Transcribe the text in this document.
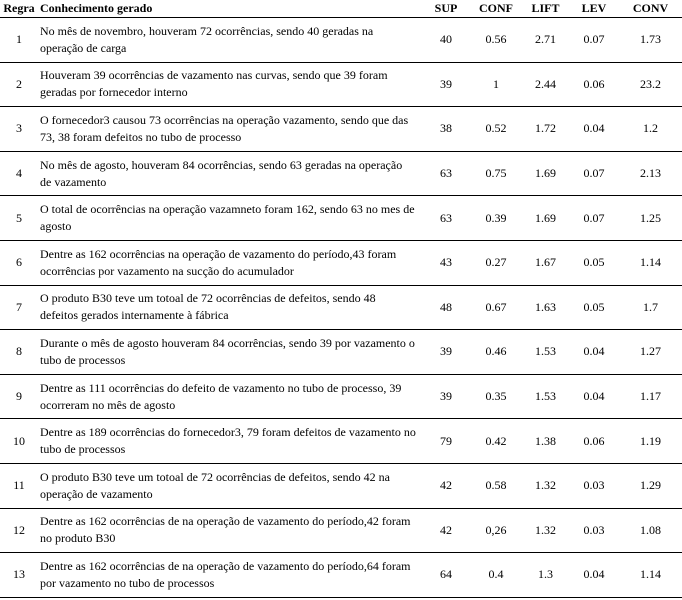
Regra	Conhecimento gerado	SUP	CONF	LIFT	LEV	CONV
1	No mês de novembro, houveram 72 ocorrências, sendo 40 geradas na operação de carga	40	0.56	2.71	0.07	1.73
2	Houveram 39 ocorrências de vazamento nas curvas, sendo que 39 foram geradas por fornecedor interno	39	1	2.44	0.06	23.2
3	O fornecedor3 causou 73 ocorrências na operação vazamento, sendo que das 73, 38 foram defeitos no tubo de processo	38	0.52	1.72	0.04	1.2
4	No mês de agosto, houveram 84 ocorrências, sendo 63 geradas na operação de vazamento	63	0.75	1.69	0.07	2.13
5	O total de ocorrências na operação vazamneto foram 162, sendo 63 no mes de agosto	63	0.39	1.69	0.07	1.25
6	Dentre as 162 ocorrências na operação de vazamento do período,43 foram ocorrências por vazamento na sucção do acumulador	43	0.27	1.67	0.05	1.14
7	O produto B30 teve um totoal de 72 ocorrências de defeitos, sendo 48 defeitos gerados internamente à fábrica	48	0.67	1.63	0.05	1.7
8	Durante o mês de agosto houveram 84 ocorrências, sendo 39 por vazamento o tubo de processos	39	0.46	1.53	0.04	1.27
9	Dentre as 111 ocorrências do defeito de vazamento no tubo de processo, 39 ocorreram no mês de agosto	39	0.35	1.53	0.04	1.17
10	Dentre as 189 ocorrências do fornecedor3, 79 foram defeitos de vazamento no tubo de processos	79	0.42	1.38	0.06	1.19
11	O produto B30 teve um totoal de 72 ocorrências de defeitos, sendo 42 na operação de vazamento	42	0.58	1.32	0.03	1.29
12	Dentre as 162 ocorrências de na operação de vazamento do período,42 foram no produto B30	42	0,26	1.32	0.03	1.08
13	Dentre as 162 ocorrências de na operação de vazamento do período,64 foram por vazamento no tubo de processos	64	0.4	1.3	0.04	1.14
